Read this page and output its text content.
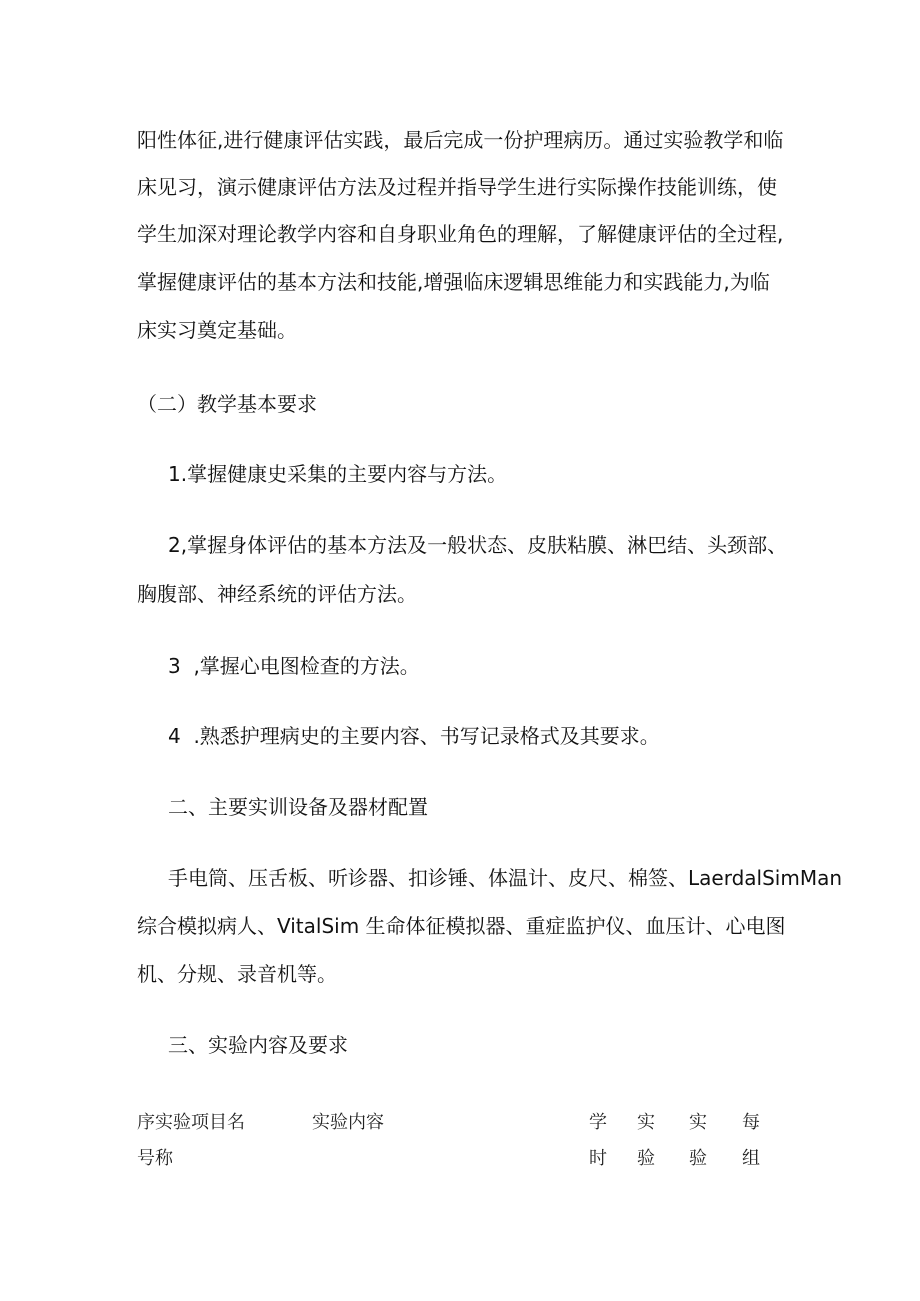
阳性体征,进行健康评估实践，最后完成一份护理病历。通过实验教学和临
床见习，演示健康评估方法及过程并指导学生进行实际操作技能训练，使
学生加深对理论教学内容和自身职业角色的理解，了解健康评估的全过程,
掌握健康评估的基本方法和技能,增强临床逻辑思维能力和实践能力,为临
床实习奠定基础。
（二）教学基本要求
1.掌握健康史采集的主要内容与方法。
2,掌握身体评估的基本方法及一般状态、皮肤粘膜、淋巴结、头颈部、
胸腹部、神经系统的评估方法。
3  ,掌握心电图检查的方法。
4  .熟悉护理病史的主要内容、书写记录格式及其要求。
二、主要实训设备及器材配置
手电筒、压舌板、听诊器、扣诊锤、体温计、皮尺、棉签、LaerdalSimMan
综合模拟病人、VitalSim 生命体征模拟器、重症监护仪、血压计、心电图
机、分规、录音机等。
三、实验内容及要求
序实验项目名
号称
实验内容	学
时
实
验
实
验
每
组
